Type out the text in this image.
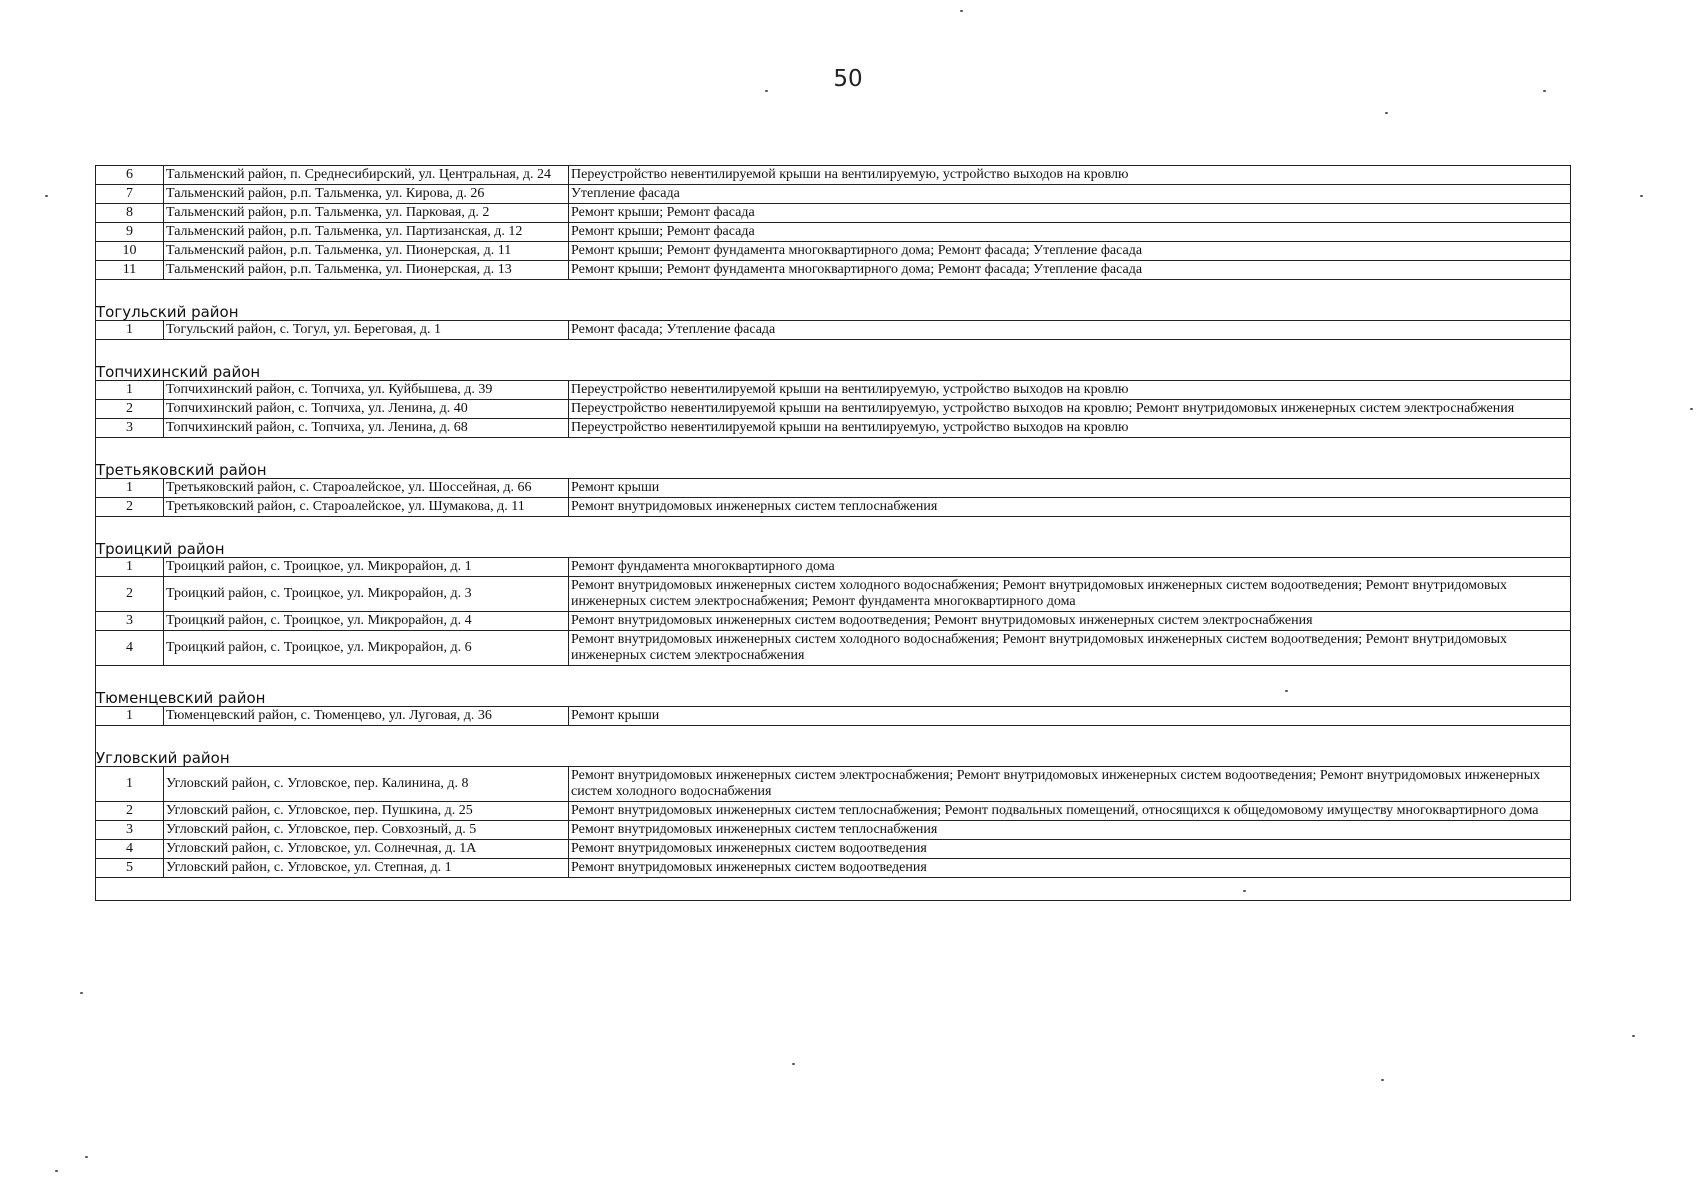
50
6	Тальменский район, п. Среднесибирский, ул. Центральная, д. 24	Переустройство невентилируемой крыши на вентилируемую, устройство выходов на кровлю
7	Тальменский район, р.п. Тальменка, ул. Кирова, д. 26	Утепление фасада
8	Тальменский район, р.п. Тальменка, ул. Парковая, д. 2	Ремонт крыши; Ремонт фасада
9	Тальменский район, р.п. Тальменка, ул. Партизанская, д. 12	Ремонт крыши; Ремонт фасада
10	Тальменский район, р.п. Тальменка, ул. Пионерская, д. 11	Ремонт крыши; Ремонт фундамента многоквартирного дома; Ремонт фасада; Утепление фасада
11	Тальменский район, р.п. Тальменка, ул. Пионерская, д. 13	Ремонт крыши; Ремонт фундамента многоквартирного дома; Ремонт фасада; Утепление фасада
Тогульский район		
1	Тогульский район, с. Тогул, ул. Береговая, д. 1	Ремонт фасада; Утепление фасада
Топчихинский район		
1	Топчихинский район, с. Топчиха, ул. Куйбышева, д. 39	Переустройство невентилируемой крыши на вентилируемую, устройство выходов на кровлю
2	Топчихинский район, с. Топчиха, ул. Ленина, д. 40	Переустройство невентилируемой крыши на вентилируемую, устройство выходов на кровлю; Ремонт внутридомовых инженерных систем электроснабжения
3	Топчихинский район, с. Топчиха, ул. Ленина, д. 68	Переустройство невентилируемой крыши на вентилируемую, устройство выходов на кровлю
Третьяковский район		
1	Третьяковский район, с. Староалейское, ул. Шоссейная, д. 66	Ремонт крыши
2	Третьяковский район, с. Староалейское, ул. Шумакова, д. 11	Ремонт внутридомовых инженерных систем теплоснабжения
Троицкий район		
1	Троицкий район, с. Троицкое, ул. Микрорайон, д. 1	Ремонт фундамента многоквартирного дома
2	Троицкий район, с. Троицкое, ул. Микрорайон, д. 3	Ремонт внутридомовых инженерных систем холодного водоснабжения; Ремонт внутридомовых инженерных систем водоотведения; Ремонт внутридомовых инженерных систем электроснабжения; Ремонт фундамента многоквартирного дома
3	Троицкий район, с. Троицкое, ул. Микрорайон, д. 4	Ремонт внутридомовых инженерных систем водоотведения; Ремонт внутридомовых инженерных систем электроснабжения
4	Троицкий район, с. Троицкое, ул. Микрорайон, д. 6	Ремонт внутридомовых инженерных систем холодного водоснабжения; Ремонт внутридомовых инженерных систем водоотведения; Ремонт внутридомовых инженерных систем электроснабжения
Тюменцевский район		
1	Тюменцевский район, с. Тюменцево, ул. Луговая, д. 36	Ремонт крыши
Угловский район		
1	Угловский район, с. Угловское, пер. Калинина, д. 8	Ремонт внутридомовых инженерных систем электроснабжения; Ремонт внутридомовых инженерных систем водоотведения; Ремонт внутридомовых инженерных систем холодного водоснабжения
2	Угловский район, с. Угловское, пер. Пушкина, д. 25	Ремонт внутридомовых инженерных систем теплоснабжения; Ремонт подвальных помещений, относящихся к общедомовому имуществу многоквартирного дома
3	Угловский район, с. Угловское, пер. Совхозный, д. 5	Ремонт внутридомовых инженерных систем теплоснабжения
4	Угловский район, с. Угловское, ул. Солнечная, д. 1А	Ремонт внутридомовых инженерных систем водоотведения
5	Угловский район, с. Угловское, ул. Степная, д. 1	Ремонт внутридомовых инженерных систем водоотведения
